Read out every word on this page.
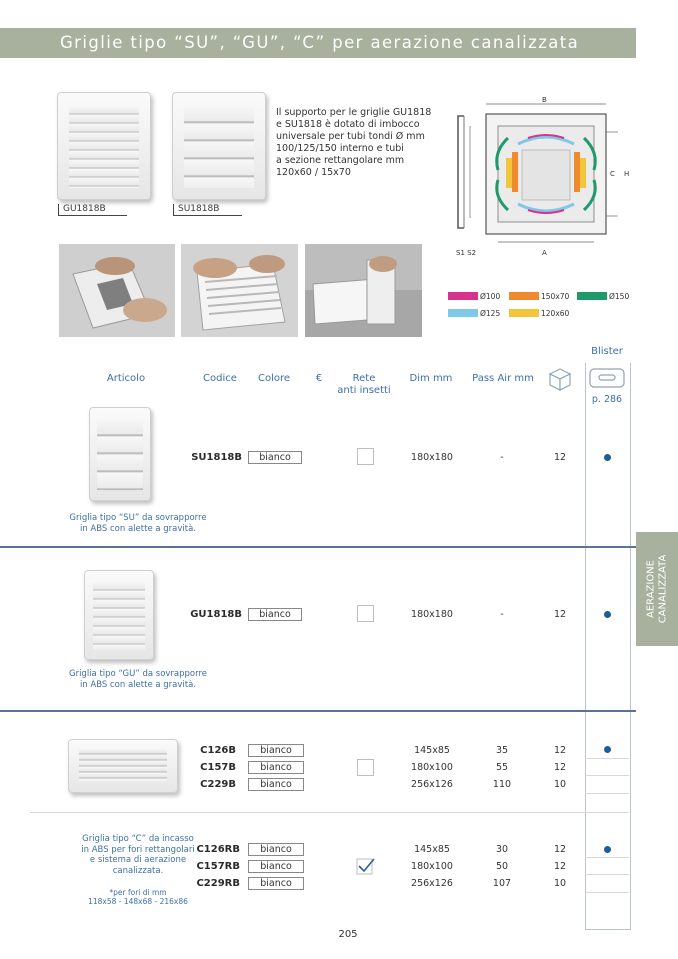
Griglie tipo “SU”, “GU”, “C” per aerazione canalizzata
AERAZIONE
CANALIZZATA
GU1818B	SU1818B
Il supporto per le griglie GU1818
e SU1818 è dotato di imbocco
universale per tubi tondi Ø mm
100/125/150 interno e tubi
a sezione rettangolare mm
120x60 / 15x70
B
C H
A
S1 S2
Ø100	150x70	Ø150
Ø125	120x60
Articolo	Codice	Colore	€	Rete
anti insetti
Dim mm	Pass Air mm
Blister
p. 286
SU1818B	bianco	180x180	-	12
Griglia tipo “SU” da sovrapporre
in ABS con alette a gravità.
GU1818B	bianco	180x180	-	12
Griglia tipo “GU” da sovrapporre
in ABS con alette a gravità.
C126B	bianco	145x85	35	12
C157B	bianco	180x100	55	12
C229B	bianco	256x126	110	10
C126RB	bianco	145x85	30	12
C157RB	bianco	180x100	50	12
C229RB	bianco	256x126	107	10
Griglia tipo “C” da incasso
in ABS per fori rettangolari
e sistema di aerazione
canalizzata.
*per fori di mm
118x58 - 148x68 - 216x86
205
